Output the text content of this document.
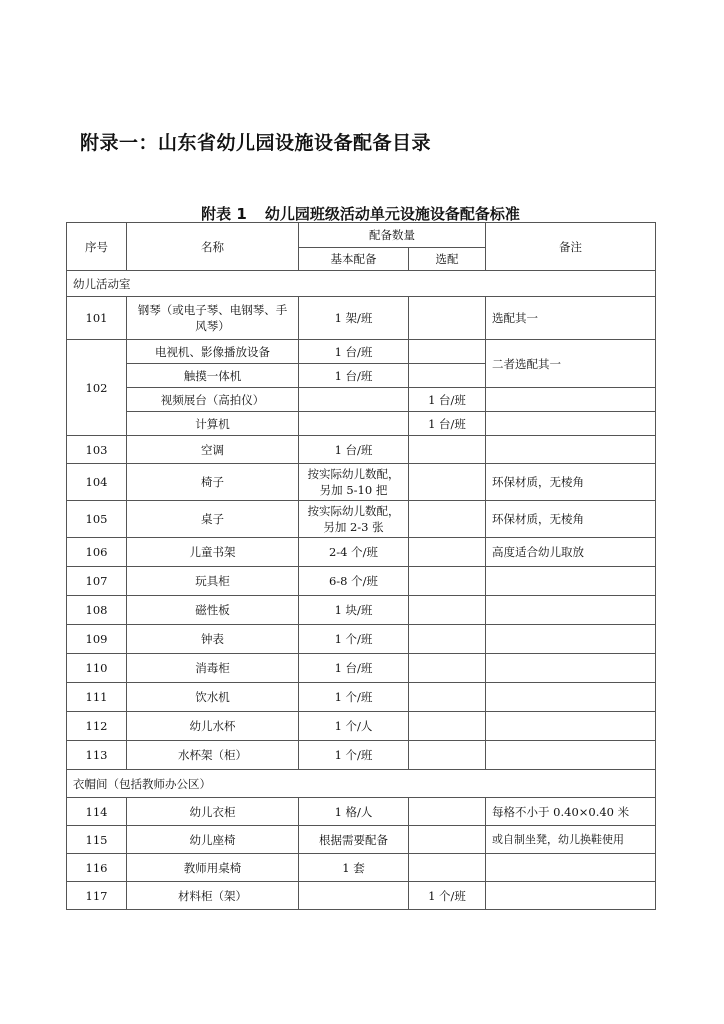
附录一：山东省幼儿园设施设备配备目录
附表 1 幼儿园班级活动单元设施设备配备标准
序号	名称	配备数量		备注
		基本配备	选配	
幼儿活动室				
101	钢琴（或电子琴、电钢琴、手风琴）	1 架/班		选配其一
102	电视机、影像播放设备	1 台/班		二者选配其一
	触摸一体机	1 台/班		
	视频展台（高拍仪）		1 台/班	
	计算机		1 台/班	
103	空调	1 台/班		
104	椅子	按实际幼儿数配，另加 5-10 把		环保材质，无棱角
105	桌子	按实际幼儿数配，另加 2-3 张		环保材质，无棱角
106	儿童书架	2-4 个/班		高度适合幼儿取放
107	玩具柜	6-8 个/班		
108	磁性板	1 块/班		
109	钟表	1 个/班		
110	消毒柜	1 台/班		
111	饮水机	1 个/班		
112	幼儿水杯	1 个/人		
113	水杯架（柜）	1 个/班		
衣帽间（包括教师办公区）				
114	幼儿衣柜	1 格/人		每格不小于 0.40×0.40 米
115	幼儿座椅	根据需要配备		或自制坐凳，幼儿换鞋使用
116	教师用桌椅	1 套		
117	材料柜（架）		1 个/班	
